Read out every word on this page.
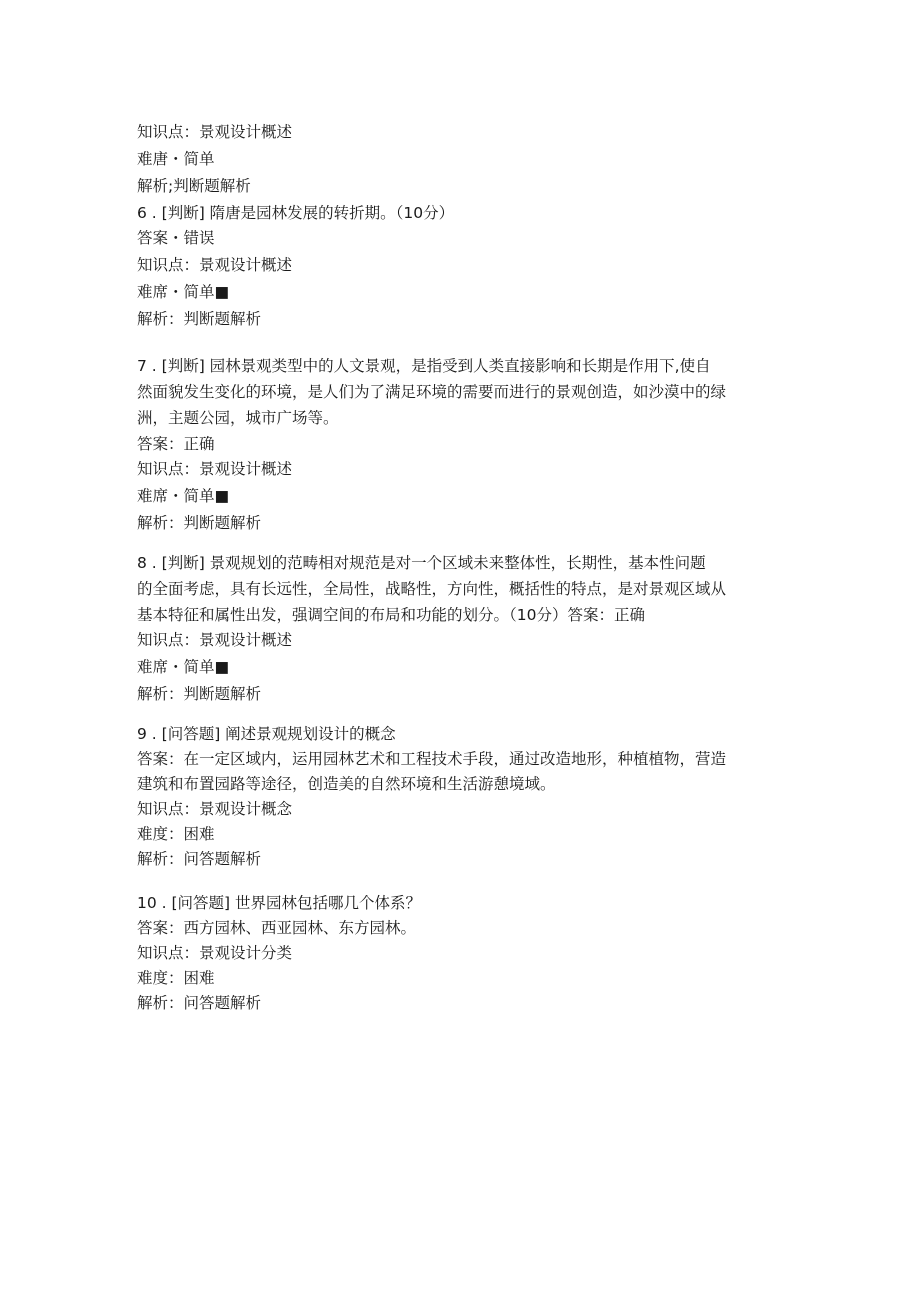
知识点：景观设计概述
难唐・简单
解析;判断题解析
6 . [判断] 隋唐是园林发展的转折期。（10分）
答案・错误
知识点：景观设计概述
难席・简单■
解析：判断题解析
7 . [判断] 园林景观类型中的人文景观，是指受到人类直接影响和长期是作用下,使自
然面貌发生变化的环境，是人们为了满足环境的需要而进行的景观创造，如沙漠中的绿
洲，主题公园，城市广场等。
答案：正确
知识点：景观设计概述
难席・简单■
解析：判断题解析
8 . [判断] 景观规划的范畴相对规范是对一个区域未来整体性，长期性，基本性问题
的全面考虑，具有长远性，全局性，战略性，方向性，概括性的特点，是对景观区域从
基本特征和属性出发，强调空间的布局和功能的划分。（10分）答案：正确
知识点：景观设计概述
难席・简单■
解析：判断题解析
9 . [问答题] 阐述景观规划设计的概念
答案：在一定区域内，运用园林艺术和工程技术手段，通过改造地形，种植植物，营造
建筑和布置园路等途径，创造美的自然环境和生活游憩境域。
知识点：景观设计概念
难度：困难
解析：问答题解析
10 . [问答题] 世界园林包括哪几个体系？
答案：西方园林、西亚园林、东方园林。
知识点：景观设计分类
难度：困难
解析：问答题解析
